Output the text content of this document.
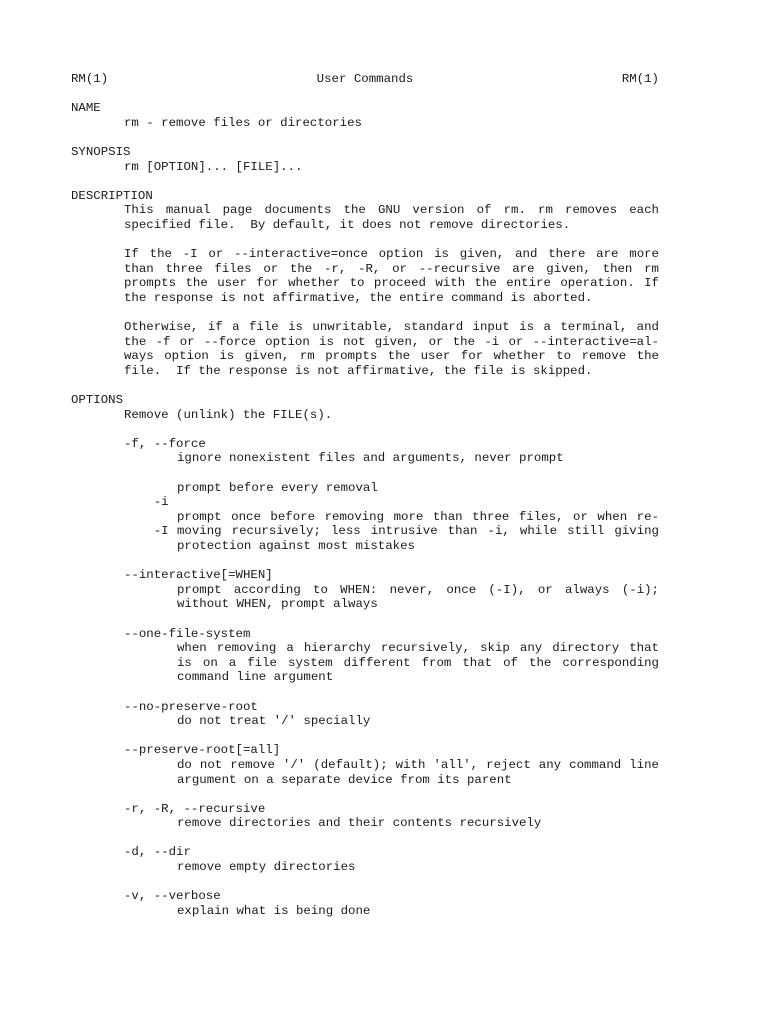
RM(1)	User Commands	RM(1)
NAME
rm - remove files or directories
SYNOPSIS
rm [OPTION]... [FILE]...
DESCRIPTION
This manual page documents the GNU version of rm. rm removes each
specified file.  By default, it does not remove directories.
If the -I or --interactive=once option is given, and there are more
than three files or the -r, -R, or --recursive are given, then rm
prompts the user for whether to proceed with the entire operation. If
the response is not affirmative, the entire command is aborted.
Otherwise, if a file is unwritable, standard input is a terminal, and
the -f or --force option is not given, or the -i or --interactive=al-
ways option is given, rm prompts the user for whether to remove the
file.  If the response is not affirmative, the file is skipped.
OPTIONS
Remove (unlink) the FILE(s).
-f, --force
ignore nonexistent files and arguments, never prompt

-i

prompt before every removal

-I

prompt once before removing more than three files, or when re-

moving recursively; less intrusive than -i, while still giving
protection against most mistakes
--interactive[=WHEN]
prompt according to WHEN: never, once (-I), or always (-i);
without WHEN, prompt always
--one-file-system
when removing a hierarchy recursively, skip any directory that
is on a file system different from that of the corresponding
command line argument
--no-preserve-root
do not treat '/' specially
--preserve-root[=all]
do not remove '/' (default); with 'all', reject any command line
argument on a separate device from its parent
-r, -R, --recursive
remove directories and their contents recursively
-d, --dir
remove empty directories
-v, --verbose
explain what is being done
